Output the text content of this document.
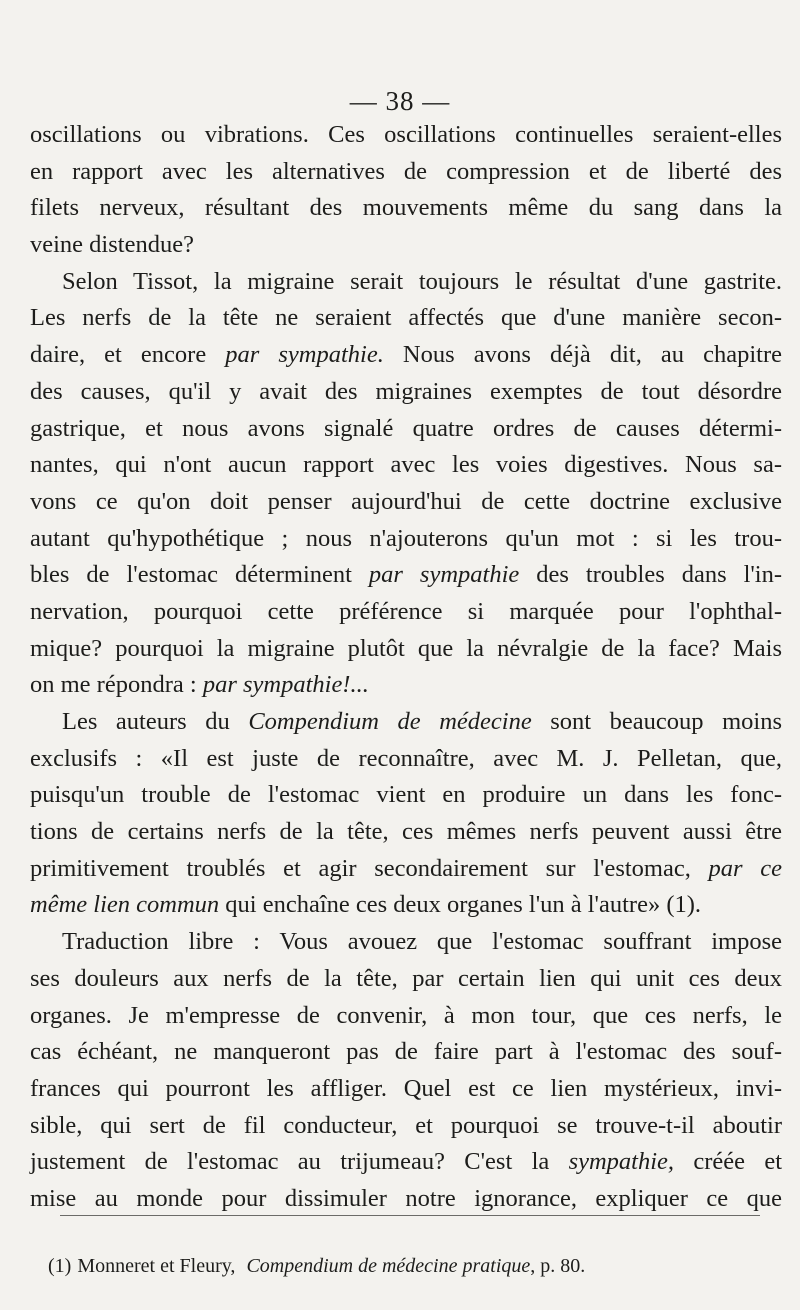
— 38 —
oscillations ou vibrations. Ces oscillations continuelles seraient-elles
en rapport avec les alternatives de compression et de liberté des
filets nerveux, résultant des mouvements même du sang dans la
veine distendue?
Selon Tissot, la migraine serait toujours le résultat d'une gastrite.
Les nerfs de la tête ne seraient affectés que d'une manière secon-
daire, et encore par sympathie. Nous avons déjà dit, au chapitre
des causes, qu'il y avait des migraines exemptes de tout désordre
gastrique, et nous avons signalé quatre ordres de causes détermi-
nantes, qui n'ont aucun rapport avec les voies digestives. Nous sa-
vons ce qu'on doit penser aujourd'hui de cette doctrine exclusive
autant qu'hypothétique ; nous n'ajouterons qu'un mot : si les trou-
bles de l'estomac déterminent par sympathie des troubles dans l'in-
nervation, pourquoi cette préférence si marquée pour l'ophthal-
mique? pourquoi la migraine plutôt que la névralgie de la face? Mais
on me répondra : par sympathie!...
Les auteurs du Compendium de médecine sont beaucoup moins
exclusifs : «Il est juste de reconnaître, avec M. J. Pelletan, que,
puisqu'un trouble de l'estomac vient en produire un dans les fonc-
tions de certains nerfs de la tête, ces mêmes nerfs peuvent aussi être
primitivement troublés et agir secondairement sur l'estomac, par ce
même lien commun qui enchaîne ces deux organes l'un à l'autre» (1).
Traduction libre : Vous avouez que l'estomac souffrant impose
ses douleurs aux nerfs de la tête, par certain lien qui unit ces deux
organes. Je m'empresse de convenir, à mon tour, que ces nerfs, le
cas échéant, ne manqueront pas de faire part à l'estomac des souf-
frances qui pourront les affliger. Quel est ce lien mystérieux, invi-
sible, qui sert de fil conducteur, et pourquoi se trouve-t-il aboutir
justement de l'estomac au trijumeau? C'est la sympathie, créée et
mise au monde pour dissimuler notre ignorance, expliquer ce que
(1) Monneret et Fleury, Compendium de médecine pratique, p. 80.
